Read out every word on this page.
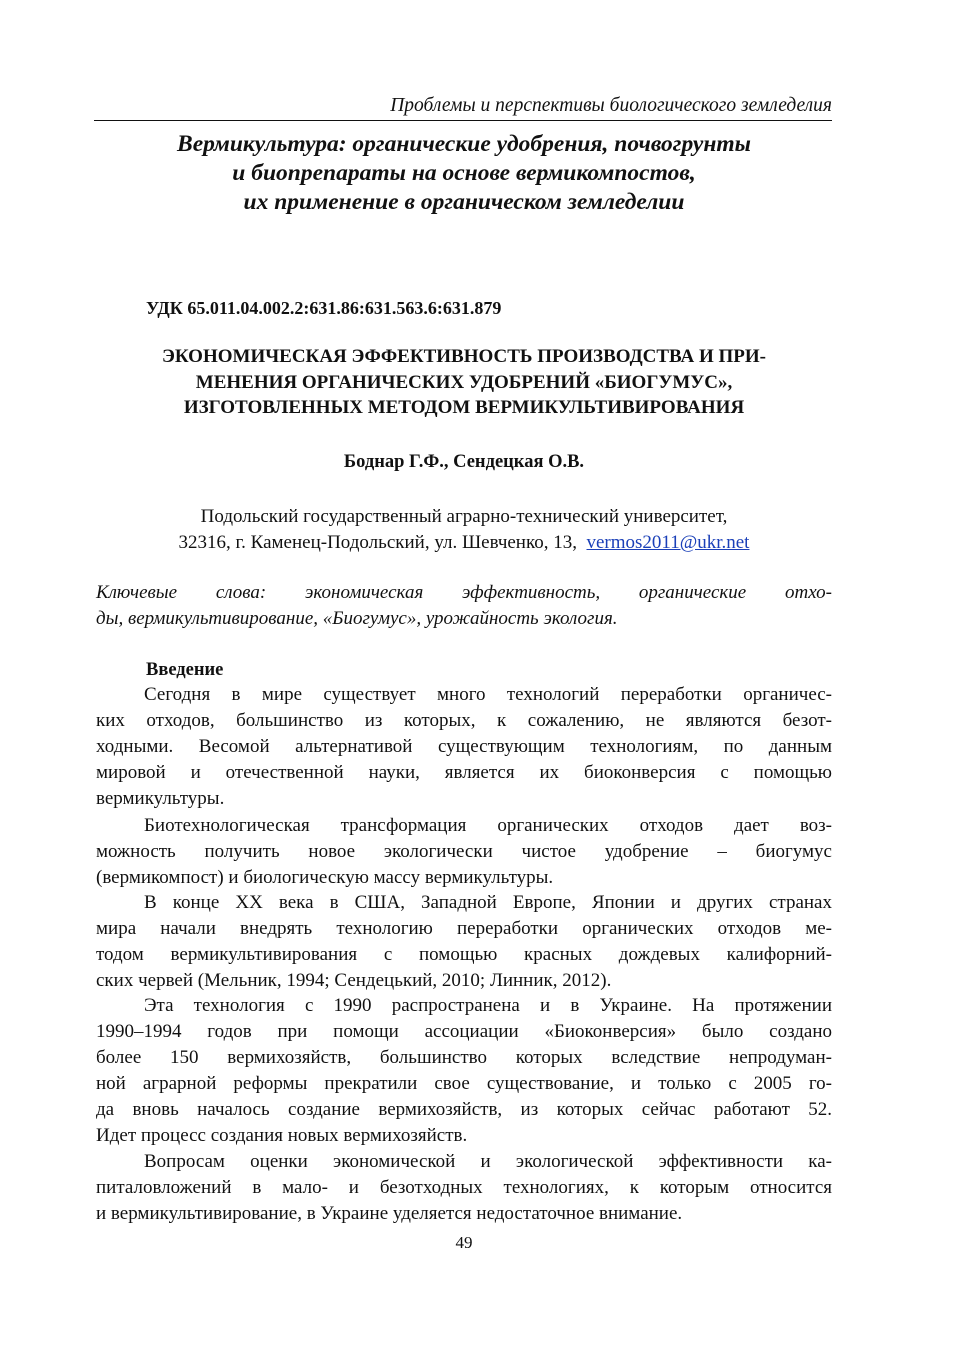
Проблемы и перспективы биологического земледелия
Вермикультура: органические удобрения, почвогрунты
и биопрепараты на основе вермикомпостов,
их применение в органическом земледелии
УДК 65.011.04.002.2:631.86:631.563.6:631.879
ЭКОНОМИЧЕСКАЯ ЭФФЕКТИВНОСТЬ ПРОИЗВОДСТВА И ПРИ-
МЕНЕНИЯ ОРГАНИЧЕСКИХ УДОБРЕНИЙ «БИОГУМУС»,
ИЗГОТОВЛЕННЫХ МЕТОДОМ ВЕРМИКУЛЬТИВИРОВАНИЯ
Боднар Г.Ф., Сендецкая О.В.
Подольский государственный аграрно-технический университет,
32316, г. Каменец-Подольский, ул. Шевченко, 13, vermos2011@ukr.net
Ключевые слова: экономическая эффективность, органические отхо-
ды, вермикультивирование, «Биогумус», урожайность экология.
Введение
Сегодня в мире существует много технологий переработки органичес-
ких отходов, большинство из которых, к сожалению, не являются безот-
ходными. Весомой альтернативой существующим технологиям, по данным
мировой и отечественной науки, является их биоконверсия с помощью
вермикультуры.
Биотехнологическая трансформация органических отходов дает воз-
можность получить новое экологически чистое удобрение – биогумус
(вермикомпост) и биологическую массу вермикультуры.
В конце XX века в США, Западной Европе, Японии и других странах
мира начали внедрять технологию переработки органических отходов ме-
тодом вермикультивирования с помощью красных дождевых калифорний-
ских червей (Мельник, 1994; Сендецький, 2010; Линник, 2012).
Эта технология с 1990 распространена и в Украине. На протяжении
1990–1994 годов при помощи ассоциации «Биоконверсия» было создано
более 150 вермихозяйств, большинство которых вследствие непродуман-
ной аграрной реформы прекратили свое существование, и только с 2005 го-
да вновь началось создание вермихозяйств, из которых сейчас работают 52.
Идет процесс создания новых вермихозяйств.
Вопросам оценки экономической и экологической эффективности ка-
питаловложений в мало- и безотходных технологиях, к которым относится
и вермикультивирование, в Украине уделяется недостаточное внимание.
49
